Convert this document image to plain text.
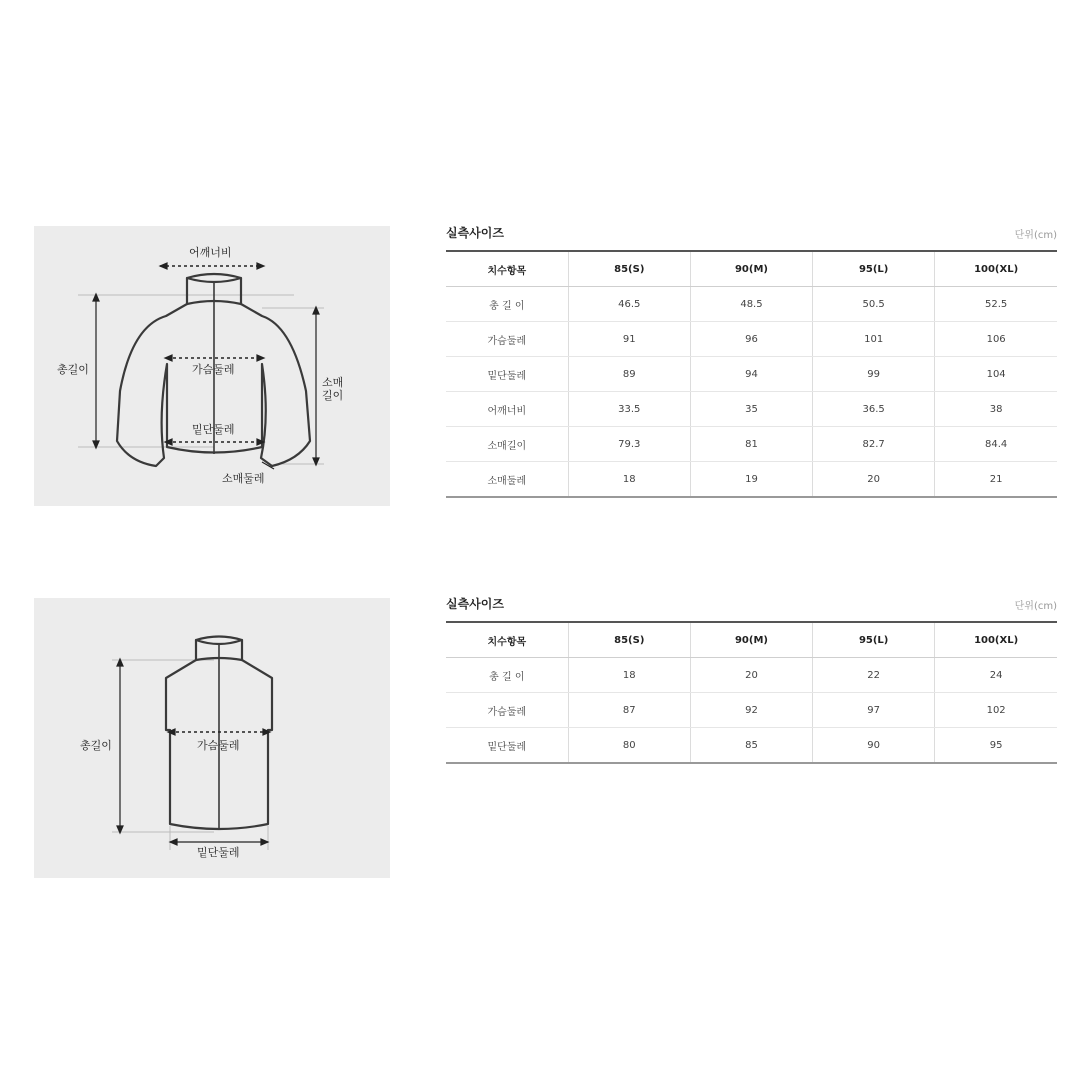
어깨너비
총길이	가슴둘레
밑단둘레
소매
길이
소매둘레
실측사이즈	단위(cm)
치수항목	85(S)	90(M)	95(L)	100(XL)
총 길 이	46.5	48.5	50.5	52.5
가슴둘레	91	96	101	106
밑단둘레	89	94	99	104
어깨너비	33.5	35	36.5	38
소매길이	79.3	81	82.7	84.4
소매둘레	18	19	20	21
총길이	가슴둘레
밑단둘레
실측사이즈	단위(cm)
치수항목	85(S)	90(M)	95(L)	100(XL)
총 길 이	18	20	22	24
가슴둘레	87	92	97	102
밑단둘레	80	85	90	95
